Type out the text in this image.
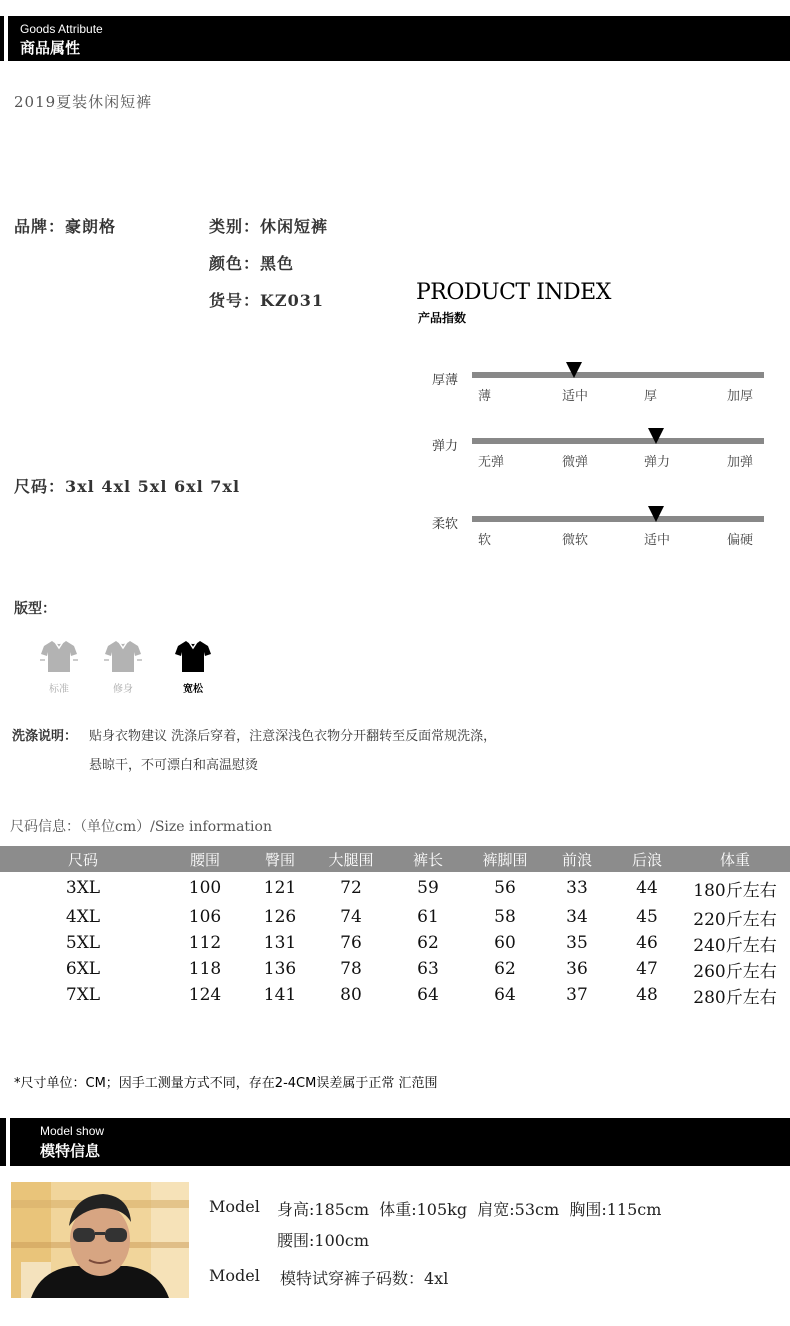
Goods Attribute
商品属性
2019夏装休闲短裤
品牌：豪朗格	类别：休闲短裤
颜色：黑色
货号：KZ031
尺码：3xl 4xl 5xl 6xl 7xl
PRODUCT INDEX
产品指数
厚薄
薄	适中	厚	加厚
弹力
无弹	微弹	弹力	加弹
柔软
软	微软	适中	偏硬
版型：
标准	修身	宽松
洗涤说明： 贴身衣物建议 洗涤后穿着，注意深浅色衣物分开翻转至反面常规洗涤，
悬晾干，不可漂白和高温慰烫
尺码信息：（单位cm）/Size information
尺码	腰围	臀围	大腿围	裤长	裤脚围	前浪	后浪	体重
3XL	100	121	72	59	56	33	44	180斤左右
4XL	106	126	74	61	58	34	45	220斤左右
5XL	112	131	76	62	60	35	46	240斤左右
6XL	118	136	78	63	62	36	47	260斤左右
7XL	124	141	80	64	64	37	48	280斤左右
*尺寸单位：CM；因手工测量方式不同，存在2-4CM误差属于正常 汇范围
Model show
模特信息
Model 身高:185cm  体重:105kg  肩宽:53cm  胸围:115cm
腰围:100cm
Model 模特试穿裤子码数：4xl
